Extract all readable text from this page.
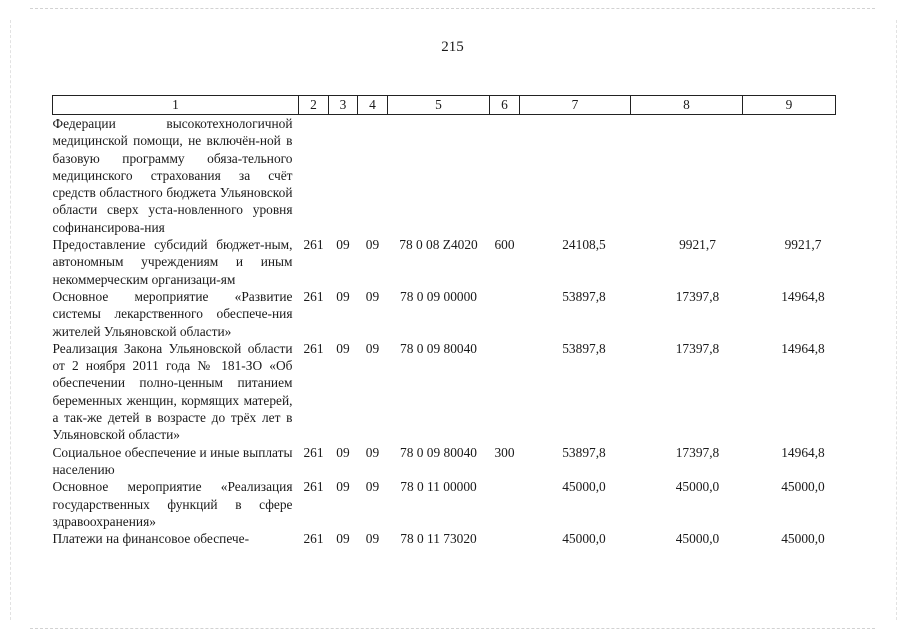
215
1	2	3	4	5	6	7	8	9
Федерации высокотехнологичной медицинской помощи, не включён-ной в базовую программу обяза-тельного медицинского страхования за счёт средств областного бюджета Ульяновской области сверх уста-новленного уровня софинансирова-ния								
Предоставление субсидий бюджет-ным, автономным учреждениям и иным некоммерческим организаци-ям	261	09	09	78 0 08 Z4020	600	24108,5	9921,7	9921,7
Основное мероприятие «Развитие системы лекарственного обеспече-ния жителей Ульяновской области»	261	09	09	78 0 09 00000		53897,8	17397,8	14964,8
Реализация Закона Ульяновской области от 2 ноября 2011 года № 181-ЗО «Об обеспечении полно-ценным питанием беременных женщин, кормящих матерей, а так-же детей в возрасте до трёх лет в Ульяновской области»	261	09	09	78 0 09 80040		53897,8	17397,8	14964,8
Социальное обеспечение и иные выплаты населению	261	09	09	78 0 09 80040	300	53897,8	17397,8	14964,8
Основное мероприятие «Реализация государственных функций в сфере здравоохранения»	261	09	09	78 0 11 00000		45000,0	45000,0	45000,0
Платежи на финансовое обеспече-	261	09	09	78 0 11 73020		45000,0	45000,0	45000,0
